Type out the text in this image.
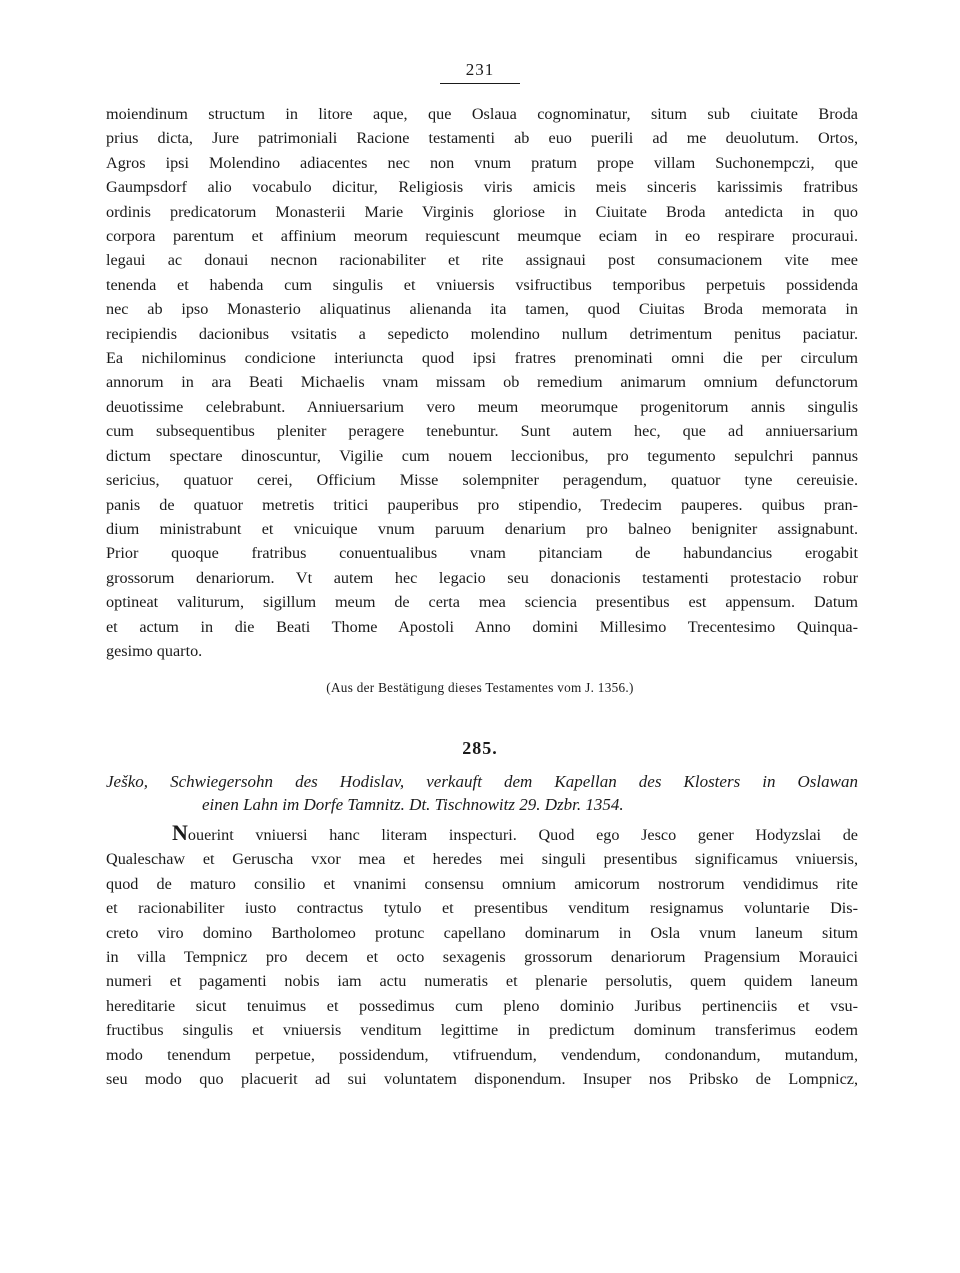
231
moiendinum structum in litore aque, que Oslaua cognominatur, situm sub ciuitate Broda
prius dicta, Jure patrimoniali Racione testamenti ab euo puerili ad me deuolutum. Ortos,
Agros ipsi Molendino adiacentes nec non vnum pratum prope villam Suchonempczi, que
Gaumpsdorf alio vocabulo dicitur, Religiosis viris amicis meis sinceris karissimis fratribus
ordinis predicatorum Monasterii Marie Virginis gloriose in Ciuitate Broda antedicta in quo
corpora parentum et affinium meorum requiescunt meumque eciam in eo respirare procuraui.
legaui ac donaui necnon racionabiliter et rite assignaui post consumacionem vite mee
tenenda et habenda cum singulis et vniuersis vsifructibus temporibus perpetuis possidenda
nec ab ipso Monasterio aliquatinus alienanda ita tamen, quod Ciuitas Broda memorata in
recipiendis dacionibus vsitatis a sepedicto molendino nullum detrimentum penitus paciatur.
Ea nichilominus condicione interiuncta quod ipsi fratres prenominati omni die per circulum
annorum in ara Beati Michaelis vnam missam ob remedium animarum omnium defunctorum
deuotissime celebrabunt. Anniuersarium vero meum meorumque progenitorum annis singulis
cum subsequentibus pleniter peragere tenebuntur. Sunt autem hec, que ad anniuersarium
dictum spectare dinoscuntur, Vigilie cum nouem leccionibus, pro tegumento sepulchri pannus
sericius, quatuor cerei, Officium Misse solempniter peragendum, quatuor tyne cereuisie.
panis de quatuor metretis tritici pauperibus pro stipendio, Tredecim pauperes. quibus pran-
dium ministrabunt et vnicuique vnum paruum denarium pro balneo benigniter assignabunt.
Prior quoque fratribus conuentualibus vnam pitanciam de habundancius erogabit
grossorum denariorum. Vt autem hec legacio seu donacionis testamenti protestacio robur
optineat valiturum, sigillum meum de certa mea sciencia presentibus est appensum. Datum
et actum in die Beati Thome Apostoli Anno domini Millesimo Trecentesimo Quinqua-
gesimo quarto.
(Aus der Bestätigung dieses Testamentes vom J. 1356.)
285.
Ješko, Schwiegersohn des Hodislav, verkauft dem Kapellan des Klosters in Oslawan
einen Lahn im Dorfe Tamnitz. Dt. Tischnowitz 29. Dzbr. 1354.
Nouerint vniuersi hanc literam inspecturi. Quod ego Jesco gener Hodyzslai de
Qualeschaw et Geruscha vxor mea et heredes mei singuli presentibus significamus vniuersis,
quod de maturo consilio et vnanimi consensu omnium amicorum nostrorum vendidimus rite
et racionabiliter iusto contractus tytulo et presentibus venditum resignamus voluntarie Dis-
creto viro domino Bartholomeo protunc capellano dominarum in Osla vnum laneum situm
in villa Tempnicz pro decem et octo sexagenis grossorum denariorum Pragensium Morauici
numeri et pagamenti nobis iam actu numeratis et plenarie persolutis, quem quidem laneum
hereditarie sicut tenuimus et possedimus cum pleno dominio Juribus pertinenciis et vsu-
fructibus singulis et vniuersis venditum legittime in predictum dominum transferimus eodem
modo tenendum perpetue, possidendum, vtifruendum, vendendum, condonandum, mutandum,
seu modo quo placuerit ad sui voluntatem disponendum. Insuper nos Pribsko de Lompnicz,
